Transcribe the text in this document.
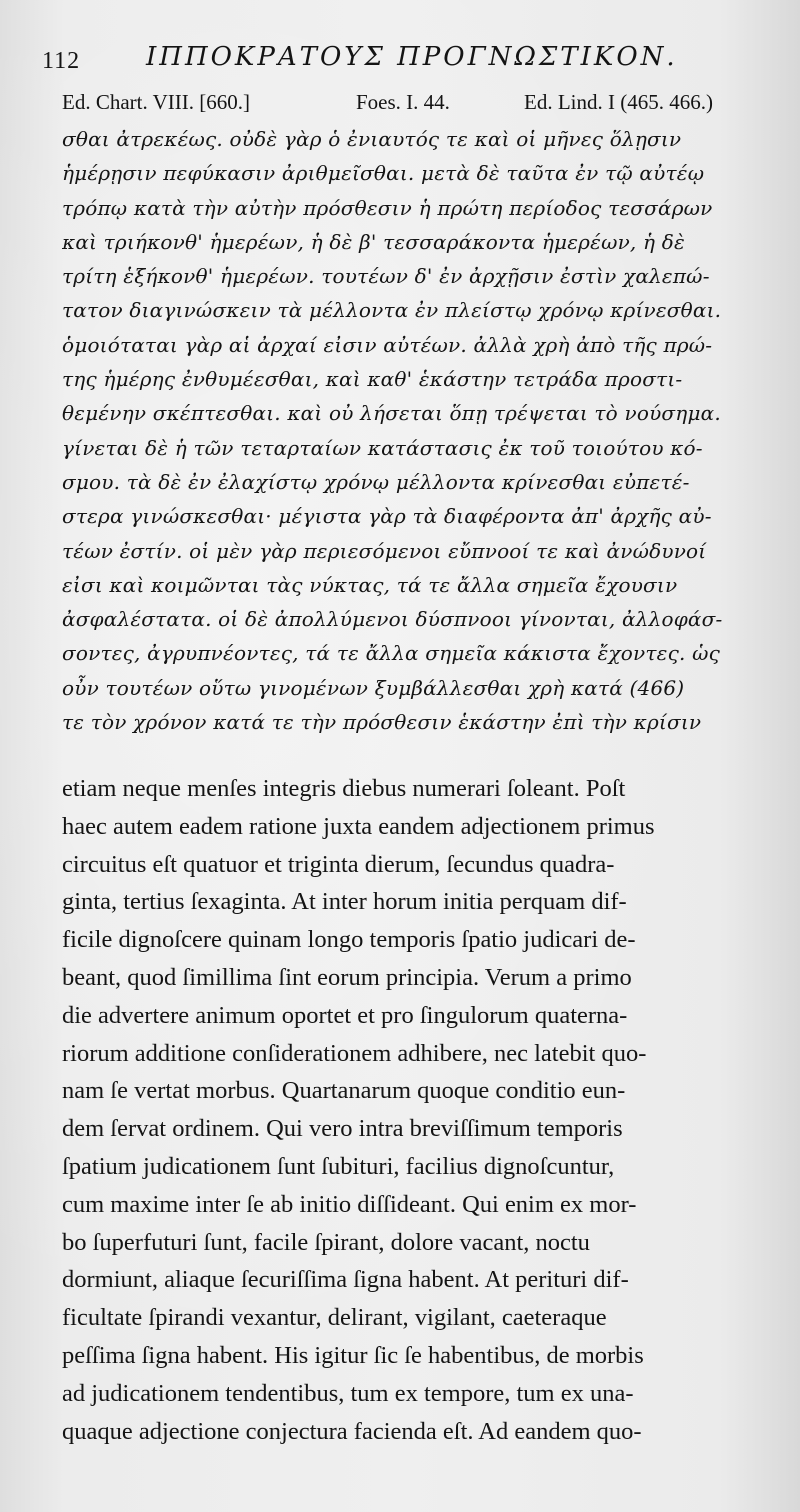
112	ΙΠΠΟΚΡΑΤΟΥΣ ΠΡΟΓΝΩΣΤΙΚΟΝ.
Ed. Chart. VIII. [660.]	Foes. I. 44.	Ed. Lind. I (465. 466.)
σθαι ἀτρεκέως. οὐδὲ γὰρ ὁ ἐνιαυτός τε καὶ οἱ μῆνες ὅλῃσιν
ἡμέρῃσιν πεφύκασιν ἀριθμεῖσθαι. μετὰ δὲ ταῦτα ἐν τῷ αὐτέῳ
τρόπῳ κατὰ τὴν αὐτὴν πρόσθεσιν ἡ πρώτη περίοδος τεσσάρων
καὶ τριήκονθ' ἡμερέων, ἡ δὲ β' τεσσαράκοντα ἡμερέων, ἡ δὲ
τρίτη ἑξήκονθ' ἡμερέων. τουτέων δ' ἐν ἀρχῇσιν ἐστὶν χαλεπώ-
τατον διαγινώσκειν τὰ μέλλοντα ἐν πλείστῳ χρόνῳ κρίνεσθαι.
ὁμοιόταται γὰρ αἱ ἀρχαί εἰσιν αὐτέων. ἀλλὰ χρὴ ἀπὸ τῆς πρώ-
της ἡμέρης ἐνθυμέεσθαι, καὶ καθ' ἑκάστην τετράδα προστι-
θεμένην σκέπτεσθαι. καὶ οὐ λήσεται ὅπῃ τρέψεται τὸ νούσημα.
γίνεται δὲ ἡ τῶν τεταρταίων κατάστασις ἐκ τοῦ τοιούτου κό-
σμου. τὰ δὲ ἐν ἐλαχίστῳ χρόνῳ μέλλοντα κρίνεσθαι εὐπετέ-
στερα γινώσκεσθαι· μέγιστα γὰρ τὰ διαφέροντα ἀπ' ἀρχῆς αὐ-
τέων ἐστίν. οἱ μὲν γὰρ περιεσόμενοι εὔπνοοί τε καὶ ἀνώδυνοί
εἰσι καὶ κοιμῶνται τὰς νύκτας, τά τε ἄλλα σημεῖα ἔχουσιν
ἀσφαλέστατα. οἱ δὲ ἀπολλύμενοι δύσπνοοι γίνονται, ἀλλοφάσ-
σοντες, ἀγρυπνέοντες, τά τε ἄλλα σημεῖα κάκιστα ἔχοντες. ὡς
οὖν τουτέων οὕτω γινομένων ξυμβάλλεσθαι χρὴ κατά (466)
τε τὸν χρόνον κατά τε τὴν πρόσθεσιν ἑκάστην ἐπὶ τὴν κρίσιν
etiam neque menſes integris diebus numerari ſoleant. Poſt
haec autem eadem ratione juxta eandem adjectionem primus
circuitus eſt quatuor et triginta dierum, ſecundus quadra-
ginta, tertius ſexaginta. At inter horum initia perquam dif-
ficile dignoſcere quinam longo temporis ſpatio judicari de-
beant, quod ſimillima ſint eorum principia. Verum a primo
die advertere animum oportet et pro ſingulorum quaterna-
riorum additione conſiderationem adhibere, nec latebit quo-
nam ſe vertat morbus. Quartanarum quoque conditio eun-
dem ſervat ordinem. Qui vero intra breviſſimum temporis
ſpatium judicationem ſunt ſubituri, facilius dignoſcuntur,
cum maxime inter ſe ab initio diſſideant. Qui enim ex mor-
bo ſuperfuturi ſunt, facile ſpirant, dolore vacant, noctu
dormiunt, aliaque ſecuriſſima ſigna habent. At perituri dif-
ficultate ſpirandi vexantur, delirant, vigilant, caeteraque
peſſima ſigna habent. His igitur ſic ſe habentibus, de morbis
ad judicationem tendentibus, tum ex tempore, tum ex una-
quaque adjectione conjectura facienda eſt. Ad eandem quo-
